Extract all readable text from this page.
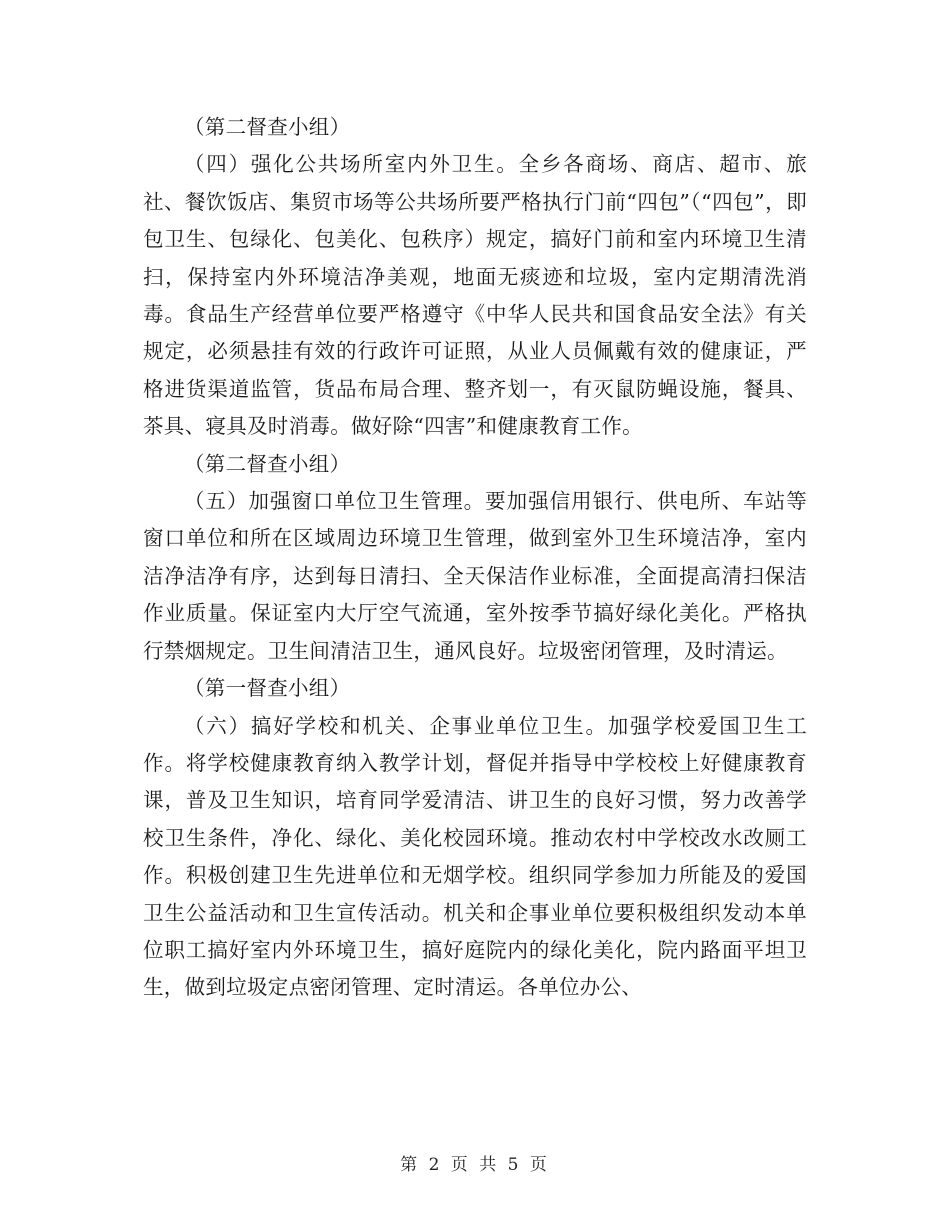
（第二督查小组）

（四）强化公共场所室内外卫生。全乡各商场、商店、超市、旅社、餐饮饭店、集贸市场等公共场所要严格执行门前“四包”（“四包”，即包卫生、包绿化、包美化、包秩序）规定，搞好门前和室内环境卫生清扫，保持室内外环境洁净美观，地面无痰迹和垃圾，室内定期清洗消毒。食品生产经营单位要严格遵守《中华人民共和国食品安全法》有关规定，必须悬挂有效的行政许可证照，从业人员佩戴有效的健康证，严格进货渠道监管，货品布局合理、整齐划一，有灭鼠防蝇设施，餐具、茶具、寝具及时消毒。做好除“四害”和健康教育工作。

（第二督查小组）

（五）加强窗口单位卫生管理。要加强信用银行、供电所、车站等窗口单位和所在区域周边环境卫生管理，做到室外卫生环境洁净，室内洁净洁净有序，达到每日清扫、全天保洁作业标准，全面提高清扫保洁作业质量。保证室内大厅空气流通，室外按季节搞好绿化美化。严格执行禁烟规定。卫生间清洁卫生，通风良好。垃圾密闭管理，及时清运。

（第一督查小组）

（六）搞好学校和机关、企事业单位卫生。加强学校爱国卫生工作。将学校健康教育纳入教学计划，督促并指导中学校校上好健康教育课，普及卫生知识，培育同学爱清洁、讲卫生的良好习惯，努力改善学校卫生条件，净化、绿化、美化校园环境。推动农村中学校改水改厕工作。积极创建卫生先进单位和无烟学校。组织同学参加力所能及的爱国卫生公益活动和卫生宣传活动。机关和企事业单位要积极组织发动本单位职工搞好室内外环境卫生，搞好庭院内的绿化美化，院内路面平坦卫生，做到垃圾定点密闭管理、定时清运。各单位办公、

第 2 页 共 5 页
